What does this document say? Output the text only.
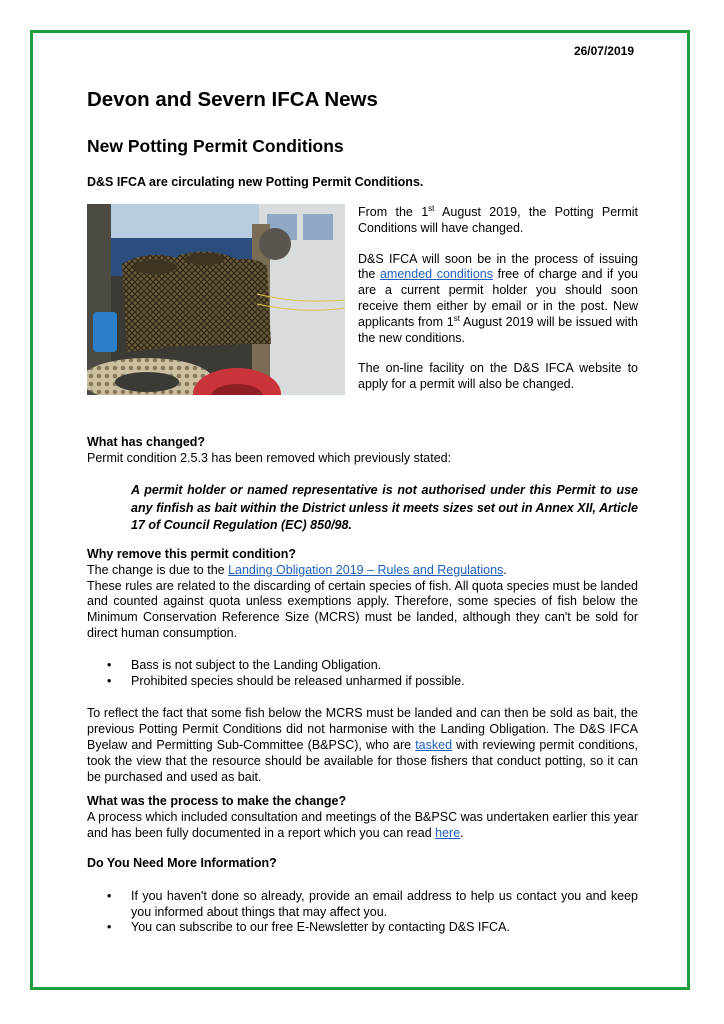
26/07/2019
Devon and Severn IFCA News
New Potting Permit Conditions
D&S IFCA are circulating new Potting Permit Conditions.

From the 1st August 2019, the Potting Permit Conditions will have changed.

D&S IFCA will soon be in the process of issuing the amended conditions free of charge and if you are a current permit holder you should soon receive them either by email or in the post. New applicants from 1st August 2019 will be issued with the new conditions.

The on-line facility on the D&S IFCA website to apply for a permit will also be changed.

What has changed?
Permit condition 2.5.3 has been removed which previously stated:
A permit holder or named representative is not authorised under this Permit to use any finfish as bait within the District unless it meets sizes set out in Annex XII, Article 17 of Council Regulation (EC) 850/98.
Why remove this permit condition?
The change is due to the Landing Obligation 2019 – Rules and Regulations.
These rules are related to the discarding of certain species of fish. All quota species must be landed and counted against quota unless exemptions apply. Therefore, some species of fish below the Minimum Conservation Reference Size (MCRS) must be landed, although they can't be sold for direct human consumption.
• Bass is not subject to the Landing Obligation.
• Prohibited species should be released unharmed if possible.
To reflect the fact that some fish below the MCRS must be landed and can then be sold as bait, the previous Potting Permit Conditions did not harmonise with the Landing Obligation. The D&S IFCA Byelaw and Permitting Sub-Committee (B&PSC), who are tasked with reviewing permit conditions, took the view that the resource should be available for those fishers that conduct potting, so it can be purchased and used as bait.
What was the process to make the change?
A process which included consultation and meetings of the B&PSC was undertaken earlier this year and has been fully documented in a report which you can read here.
Do You Need More Information?
• If you haven't done so already, provide an email address to help us contact you and keep you informed about things that may affect you.
• You can subscribe to our free E-Newsletter by contacting D&S IFCA.
